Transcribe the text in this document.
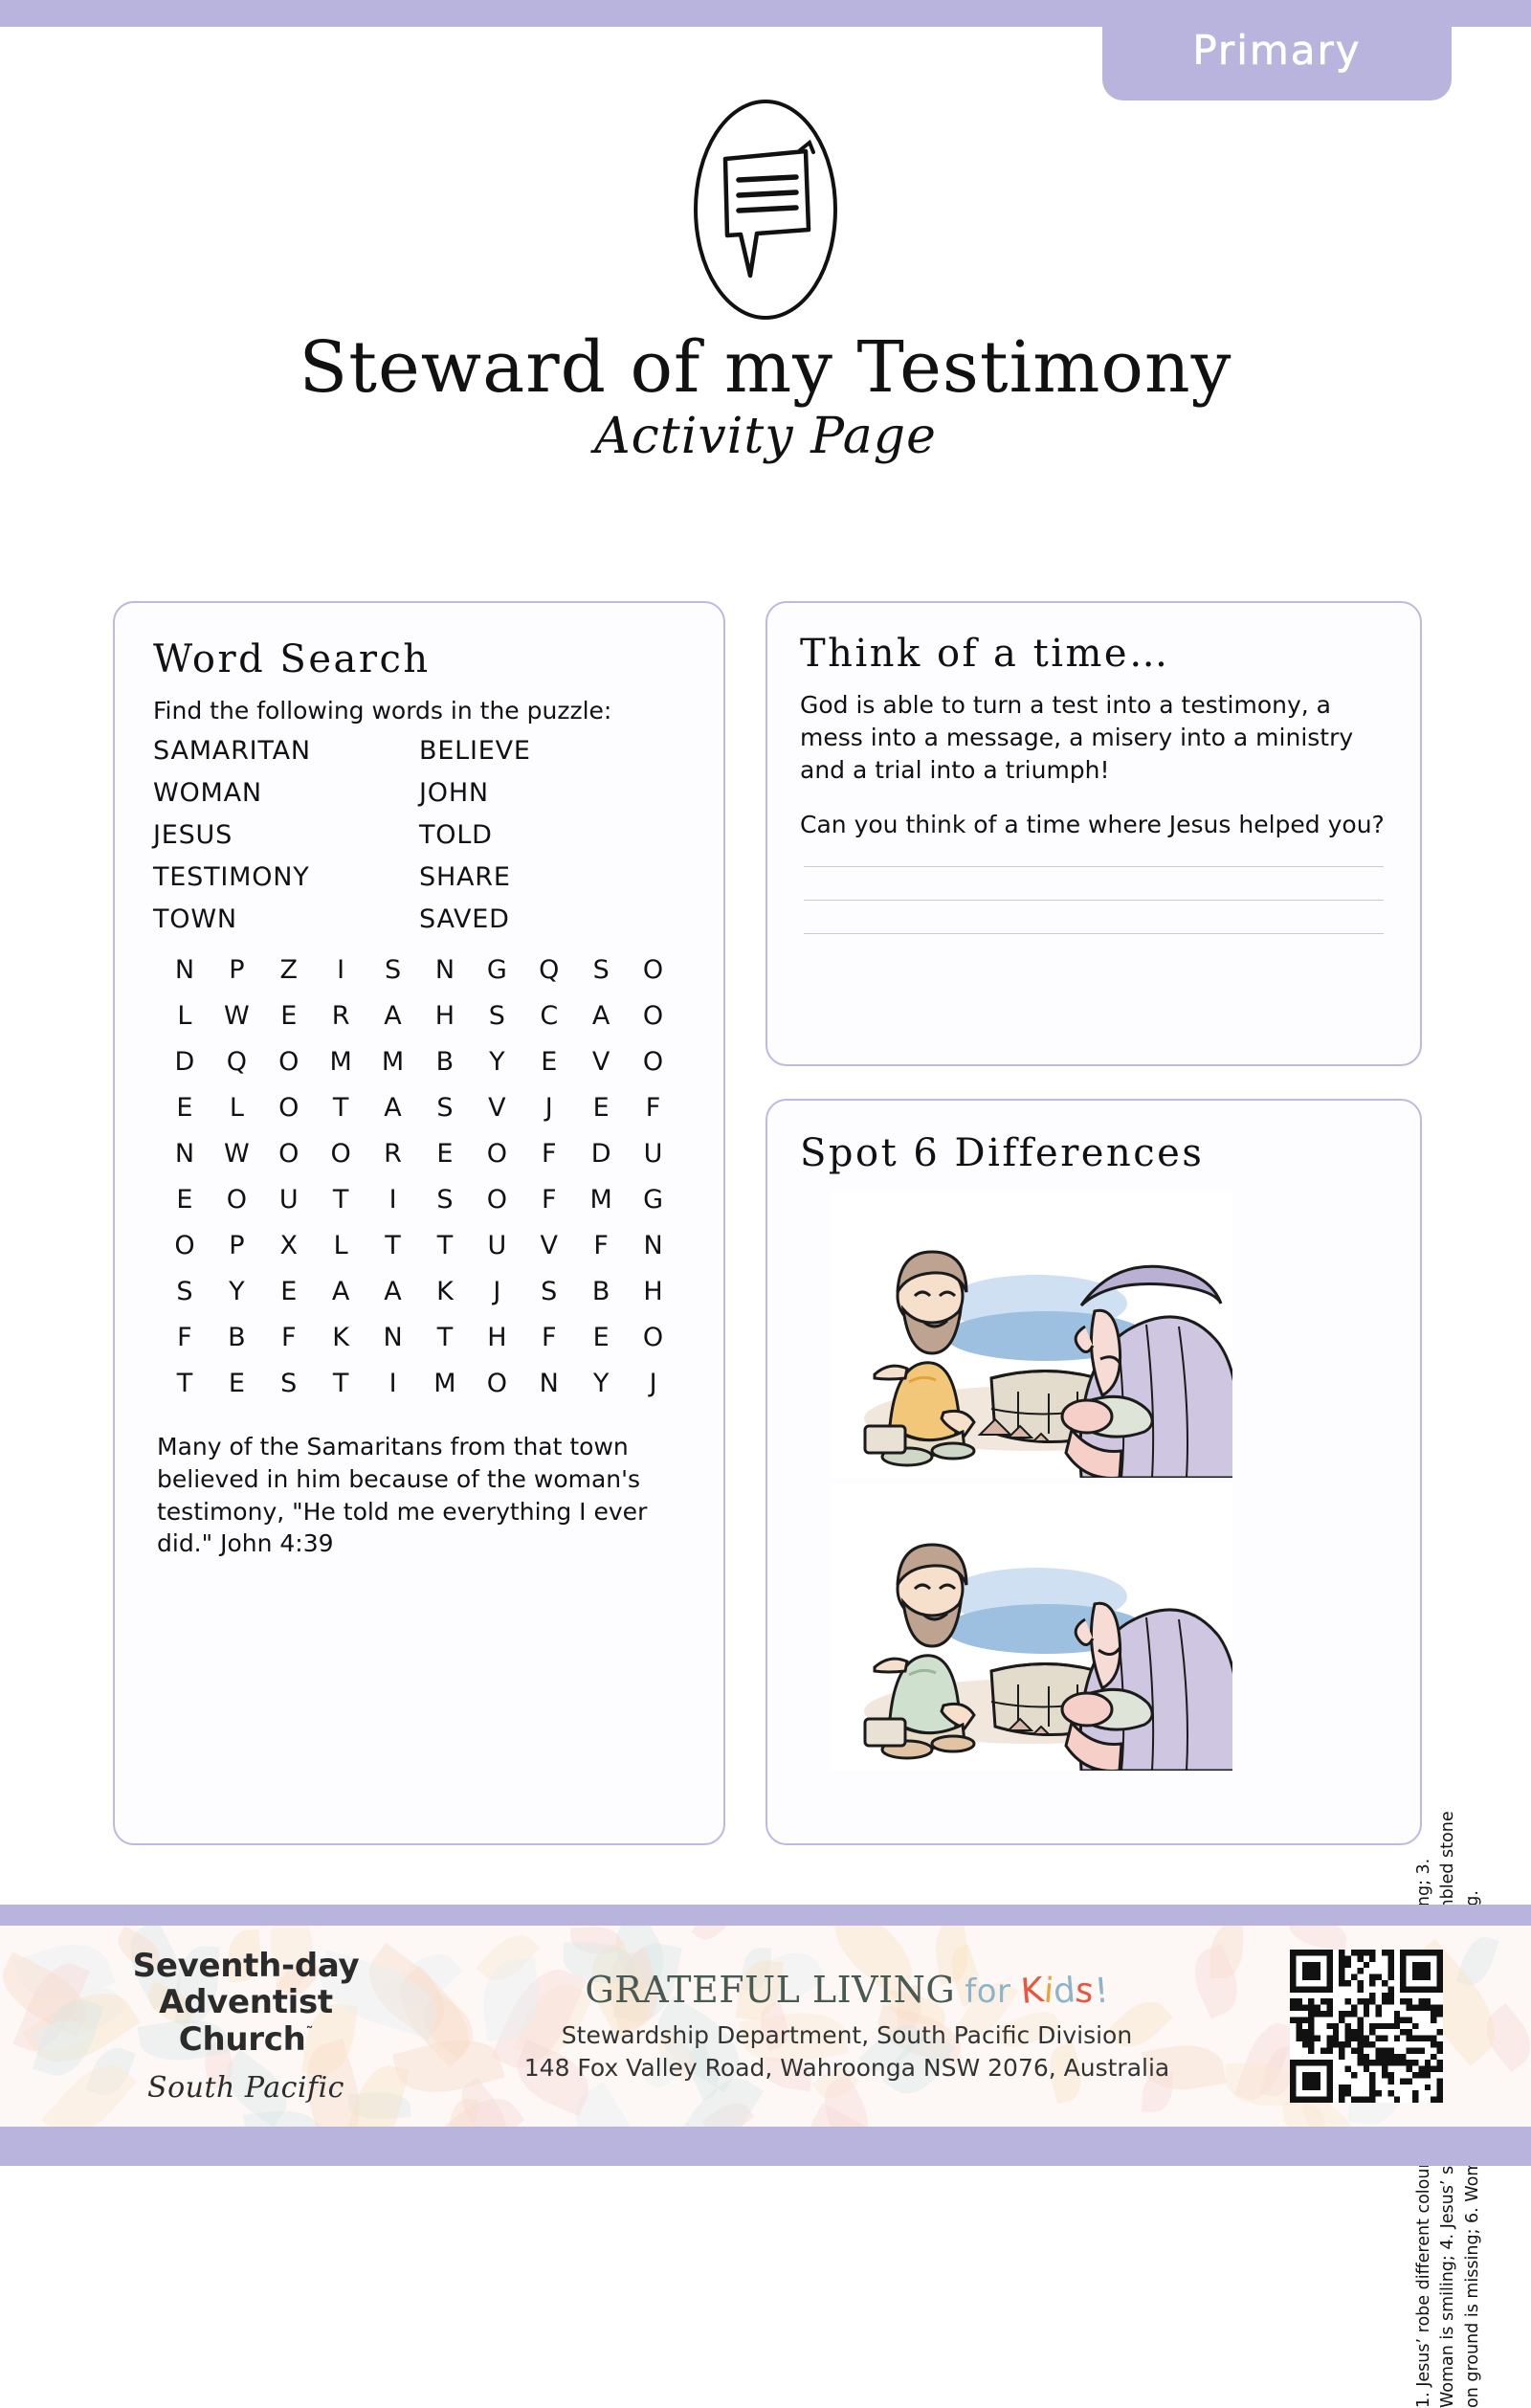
Primary
Steward of my Testimony
Activity Page
Word Search

Find the following words in the puzzle:

SAMARITAN	BELIEVE
WOMAN	JOHN
JESUS	TOLD
TESTIMONY	SHARE
TOWN	SAVED
N	P	Z	I	S	N	G	Q	S	O
L	W	E	R	A	H	S	C	A	O
D	Q	O	M	M	B	Y	E	V	O
E	L	O	T	A	S	V	J	E	F
N	W	O	O	R	E	O	F	D	U
E	O	U	T	I	S	O	F	M	G
O	P	X	L	T	T	U	V	F	N
S	Y	E	A	A	K	J	S	B	H
F	B	F	K	N	T	H	F	E	O
T	E	S	T	I	M	O	N	Y	J

Many of the Samaritans from that town believed in him because of the woman's testimony, "He told me everything I ever did." John 4:39

Think of a time…

God is able to turn a test into a testimony, a mess into a message, a misery into a ministry and a trial into a triumph!

Can you think of a time where Jesus helped you?

Spot 6 Differences
Seventh-day
Adventist Church˜
South Pacific
GRATEFUL LIVING for Kids!
Stewardship Department, South Pacific Division
148 Fox Valley Road, Wahroonga NSW 2076, Australia
